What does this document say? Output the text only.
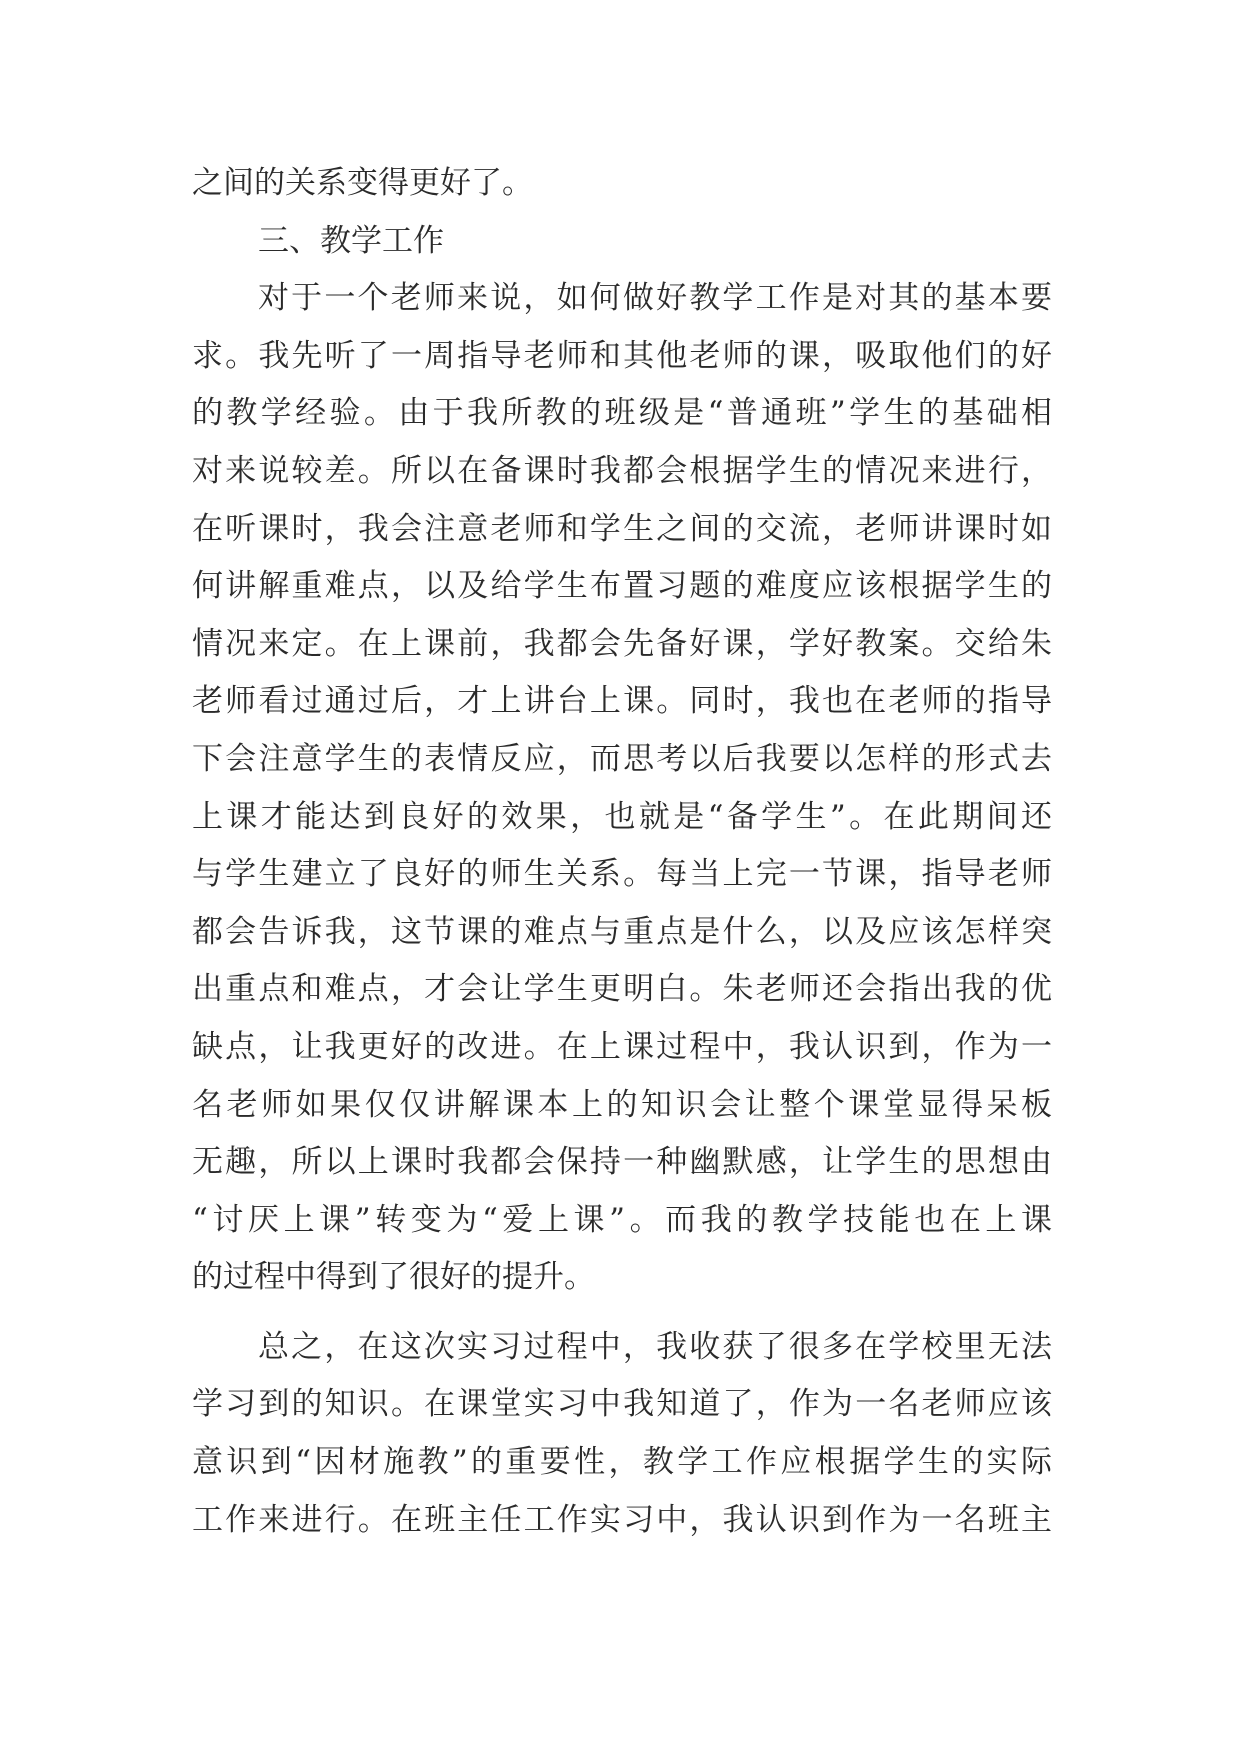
之间的关系变得更好了。
三、教学工作
对于一个老师来说，如何做好教学工作是对其的基本要
求。我先听了一周指导老师和其他老师的课，吸取他们的好
的教学经验。由于我所教的班级是“普通班”学生的基础相
对来说较差。所以在备课时我都会根据学生的情况来进行，
在听课时，我会注意老师和学生之间的交流，老师讲课时如
何讲解重难点，以及给学生布置习题的难度应该根据学生的
情况来定。在上课前，我都会先备好课，学好教案。交给朱
老师看过通过后，才上讲台上课。同时，我也在老师的指导
下会注意学生的表情反应，而思考以后我要以怎样的形式去
上课才能达到良好的效果，也就是“备学生”。在此期间还
与学生建立了良好的师生关系。每当上完一节课，指导老师
都会告诉我，这节课的难点与重点是什么，以及应该怎样突
出重点和难点，才会让学生更明白。朱老师还会指出我的优
缺点，让我更好的改进。在上课过程中，我认识到，作为一
名老师如果仅仅讲解课本上的知识会让整个课堂显得呆板
无趣，所以上课时我都会保持一种幽默感，让学生的思想由
“讨厌上课”转变为“爱上课”。而我的教学技能也在上课
的过程中得到了很好的提升。
总之，在这次实习过程中，我收获了很多在学校里无法
学习到的知识。在课堂实习中我知道了，作为一名老师应该
意识到“因材施教”的重要性，教学工作应根据学生的实际
工作来进行。在班主任工作实习中，我认识到作为一名班主
